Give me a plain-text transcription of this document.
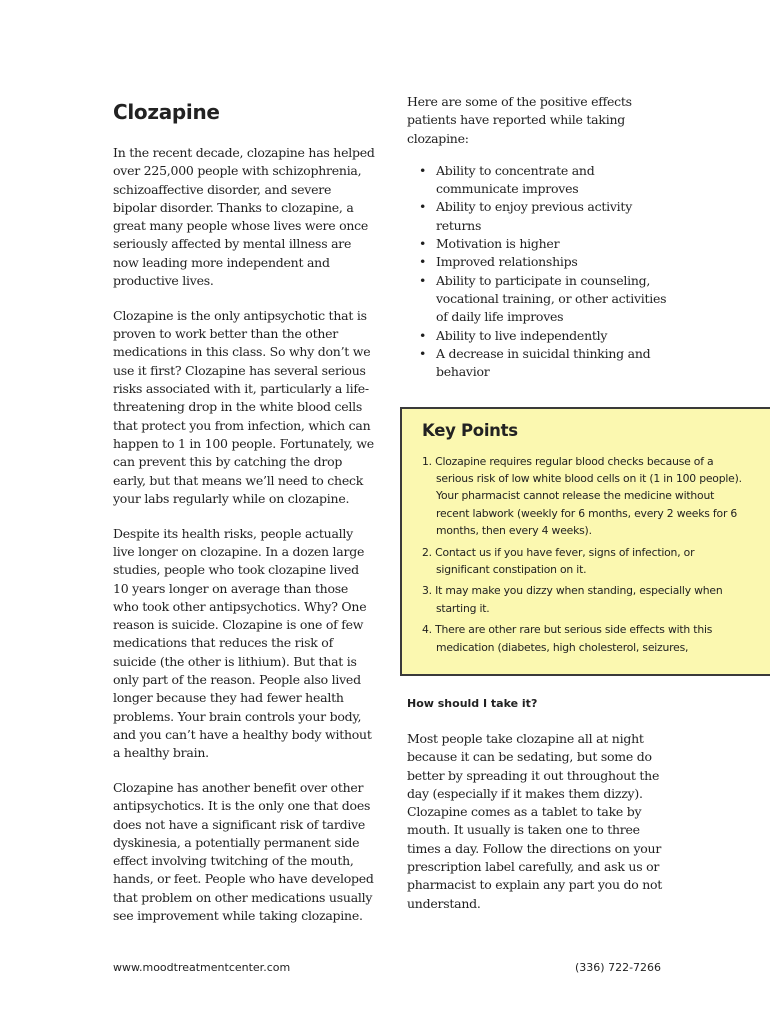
Clozapine

In the recent decade, clozapine has helped over 225,000 people with schizophrenia, schizoaffective disorder, and severe bipolar disorder. Thanks to clozapine, a great many people whose lives were once seriously affected by mental illness are now leading more independent and productive lives.

Clozapine is the only antipsychotic that is proven to work better than the other medications in this class. So why don’t we use it first? Clozapine has several serious risks associated with it, particularly a life-threatening drop in the white blood cells that protect you from infection, which can happen to 1 in 100 people. Fortunately, we can prevent this by catching the drop early, but that means we’ll need to check your labs regularly while on clozapine.

Despite its health risks, people actually live longer on clozapine. In a dozen large studies, people who took clozapine lived 10 years longer on average than those who took other antipsychotics. Why? One reason is suicide. Clozapine is one of few medications that reduces the risk of suicide (the other is lithium). But that is only part of the reason. People also lived longer because they had fewer health problems. Your brain controls your body, and you can’t have a healthy body without a healthy brain.

Clozapine has another benefit over other antipsychotics. It is the only one that does does not have a significant risk of tardive dyskinesia, a potentially permanent side effect involving twitching of the mouth, hands, or feet. People who have developed that problem on other medications usually see improvement while taking clozapine.

Here are some of the positive effects patients have reported while taking clozapine:

• Ability to concentrate and communicate improves
• Ability to enjoy previous activity returns
• Motivation is higher
• Improved relationships
• Ability to participate in counseling, vocational training, or other activities of daily life improves
• Ability to live independently
• A decrease in suicidal thinking and behavior
Key Points
1. Clozapine requires regular blood checks because of a serious risk of low white blood cells on it (1 in 100 people). Your pharmacist cannot release the medicine without recent labwork (weekly for 6 months, every 2 weeks for 6 months, then every 4 weeks).
2. Contact us if you have fever, signs of infection, or significant constipation on it.
3. It may make you dizzy when standing, especially when starting it.
4. There are other rare but serious side effects with this medication (diabetes, high cholesterol, seizures,
How should I take it?

Most people take clozapine all at night because it can be sedating, but some do better by spreading it out throughout the day (especially if it makes them dizzy). Clozapine comes as a tablet to take by mouth. It usually is taken one to three times a day. Follow the directions on your prescription label carefully, and ask us or pharmacist to explain any part you do not understand.

www.moodtreatmentcenter.com	(336) 722-7266
